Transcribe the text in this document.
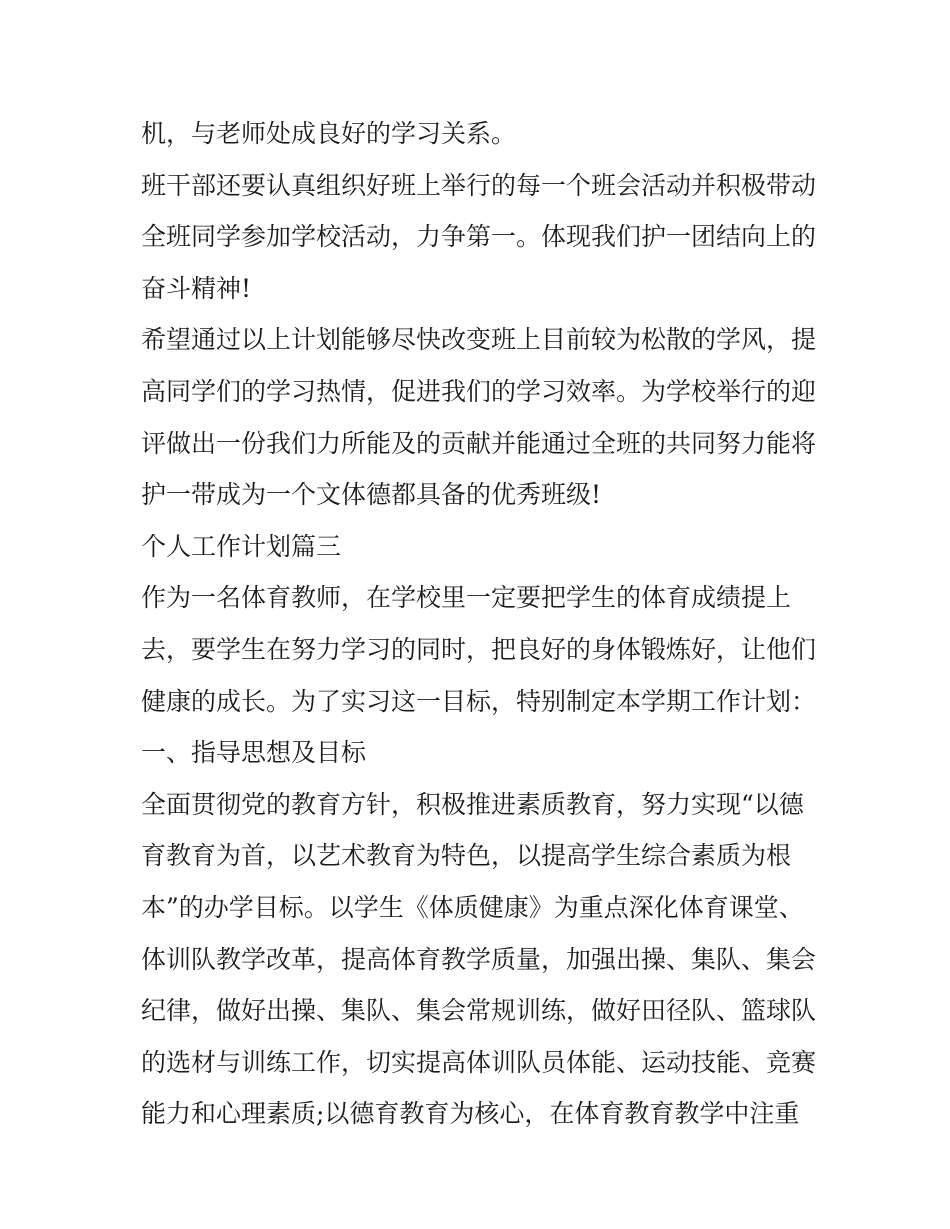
机，与老师处成良好的学习关系。
班干部还要认真组织好班上举行的每一个班会活动并积极带动
全班同学参加学校活动，力争第一。体现我们护一团结向上的
奋斗精神!
希望通过以上计划能够尽快改变班上目前较为松散的学风，提
高同学们的学习热情，促进我们的学习效率。为学校举行的迎
评做出一份我们力所能及的贡献并能通过全班的共同努力能将
护一带成为一个文体德都具备的优秀班级!
个人工作计划篇三
作为一名体育教师，在学校里一定要把学生的体育成绩提上
去，要学生在努力学习的同时，把良好的身体锻炼好，让他们
健康的成长。为了实习这一目标，特别制定本学期工作计划：
一、指导思想及目标
全面贯彻党的教育方针，积极推进素质教育，努力实现“以德
育教育为首，以艺术教育为特色，以提高学生综合素质为根
本”的办学目标。以学生《体质健康》为重点深化体育课堂、
体训队教学改革，提高体育教学质量，加强出操、集队、集会
纪律，做好出操、集队、集会常规训练，做好田径队、篮球队
的选材与训练工作，切实提高体训队员体能、运动技能、竞赛
能力和心理素质;以德育教育为核心，在体育教育教学中注重
